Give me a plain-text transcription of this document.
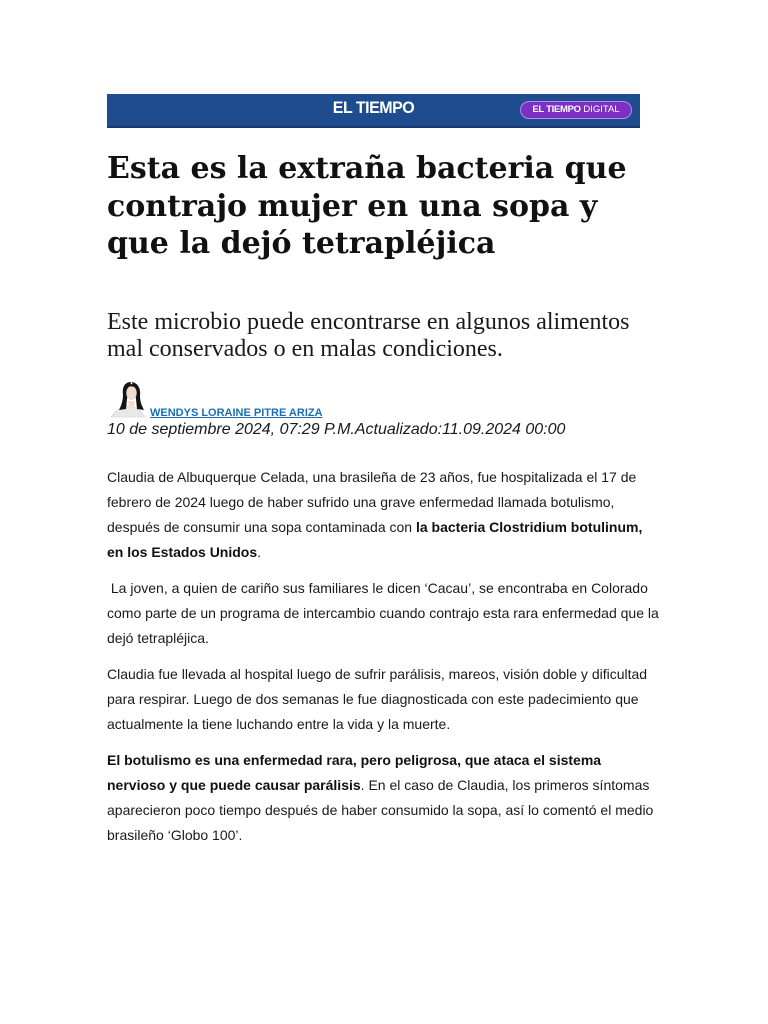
EL TIEMPO	EL TIEMPO DIGITAL
Esta es la extraña bacteria que contrajo mujer en una sopa y que la dejó tetrapléjica
Este microbio puede encontrarse en algunos alimentos mal conservados o en malas condiciones.
WENDYS LORAINE PITRE ARIZA
10 de septiembre 2024, 07:29 P.M.Actualizado:11.09.2024 00:00

Claudia de Albuquerque Celada, una brasileña de 23 años, fue hospitalizada el 17 de febrero de 2024 luego de haber sufrido una grave enfermedad llamada botulismo, después de consumir una sopa contaminada con la bacteria Clostridium botulinum, en los Estados Unidos.

La joven, a quien de cariño sus familiares le dicen ‘Cacau’, se encontraba en Colorado como parte de un programa de intercambio cuando contrajo esta rara enfermedad que la dejó tetrapléjica.

Claudia fue llevada al hospital luego de sufrir parálisis, mareos, visión doble y dificultad para respirar. Luego de dos semanas le fue diagnosticada con este padecimiento que actualmente la tiene luchando entre la vida y la muerte.

El botulismo es una enfermedad rara, pero peligrosa, que ataca el sistema nervioso y que puede causar parálisis. En el caso de Claudia, los primeros síntomas aparecieron poco tiempo después de haber consumido la sopa, así lo comentó el medio brasileño ‘Globo 100’.
